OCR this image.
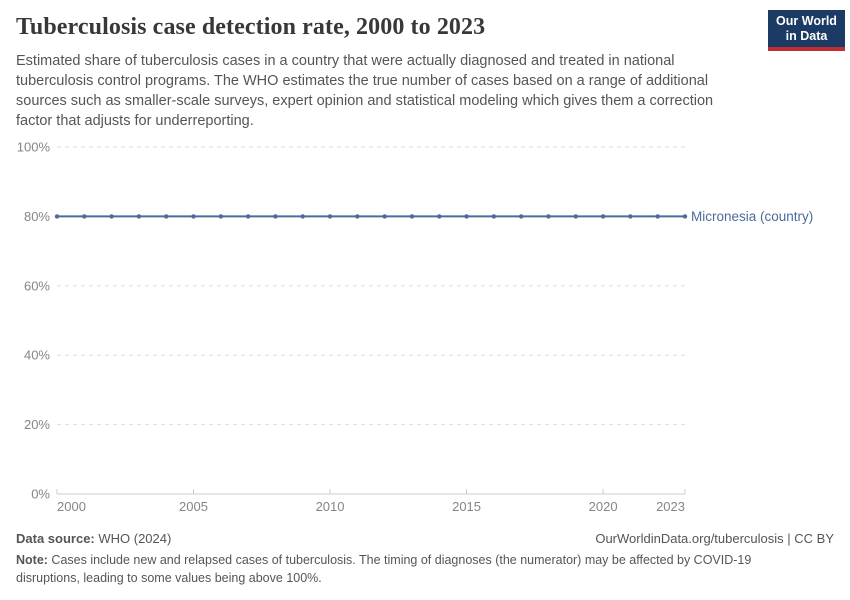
Tuberculosis case detection rate, 2000 to 2023

Estimated share of tuberculosis cases in a country that were actually diagnosed and treated in national tuberculosis control programs. The WHO estimates the true number of cases based on a range of additional sources such as smaller-scale surveys, expert opinion and statistical modeling which gives them a correction factor that adjusts for underreporting.

Our World
in Data
0%
20%
40%
60%
80%
100%
2000	2005	2010	2015	2020	2023
Micronesia (country)
Data source: WHO (2024)	OurWorldinData.org/tuberculosis | CC BY

Note: Cases include new and relapsed cases of tuberculosis. The timing of diagnoses (the numerator) may be affected by COVID-19 disruptions, leading to some values being above 100%.
